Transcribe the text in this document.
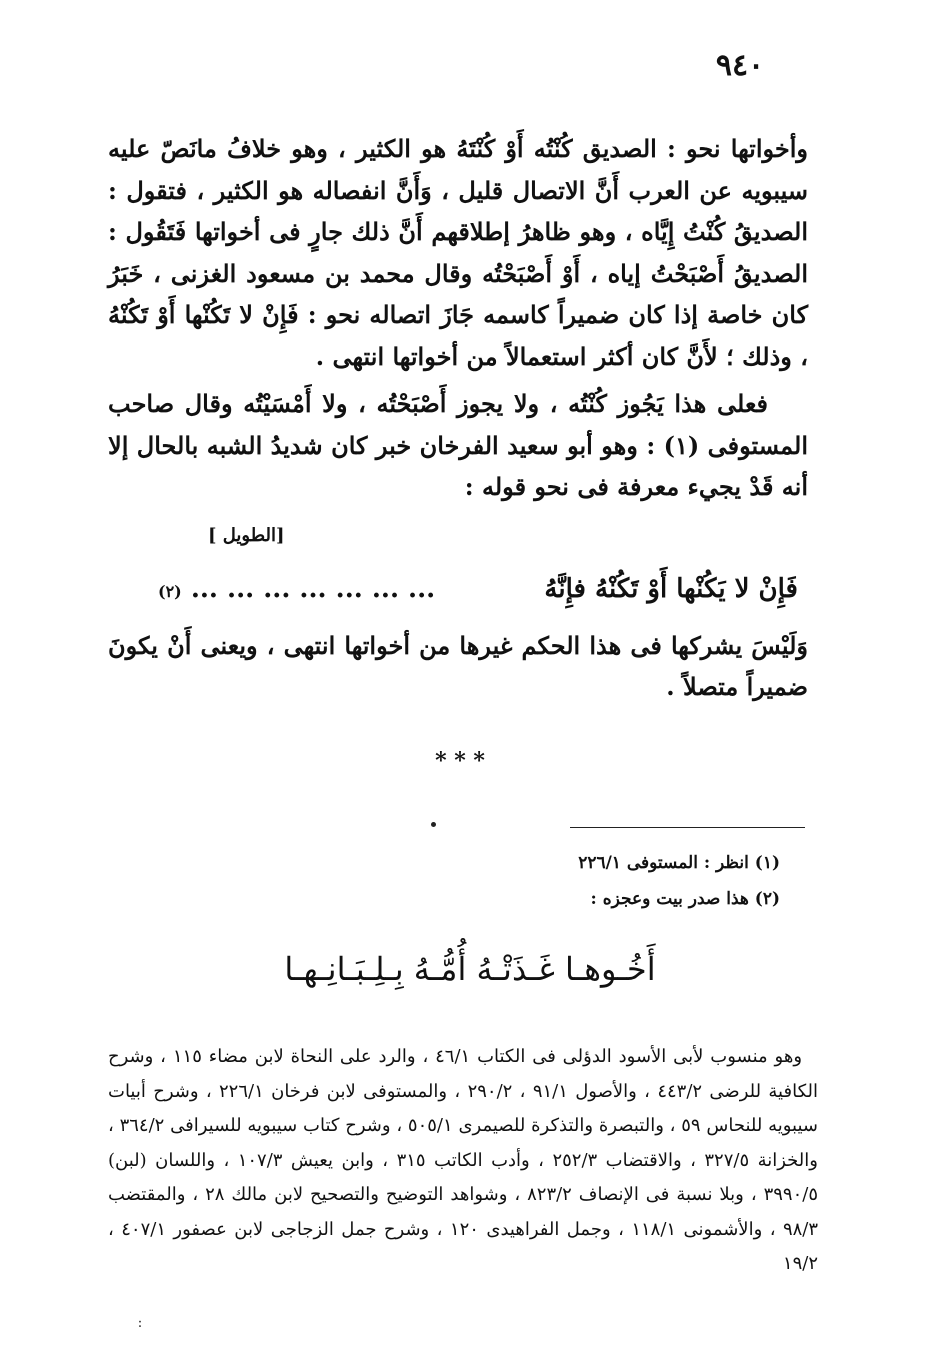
٩٤٠

وأخواتها نحو : الصديق كُنْتُه أَوْ كُنْتَهُ هو الكثير ، وهو خلافُ مانَصّ عليه سيبويه عن العرب أَنَّ الاتصال قليل ، وَأَنَّ انفصاله هو الكثير ، فتقول : الصديقُ كُنْتُ إِيَّاه ، وهو ظاهرُ إطلاقهم أَنَّ ذلك جارٍ فى أخواتها فَتَقُول : الصديقُ أَصْبَحْتُ إياه ، أَوْ أَصْبَحْتُه وقال محمد بن مسعود الغزنى ، خَبَرُ كان خاصة إذا كان ضميراً كاسمه جَازَ اتصاله نحو : فَإِنْ لا تَكُنْها أَوْ تَكُنْهُ ، وذلك ؛ لأَنَّ كان أكثر استعمالاً من أخواتها انتهى .

فعلى هذا يَجُوز كُنْتُه ، ولا يجوز أَصْبَحْتُه ، ولا أَمْسَيْتُه وقال صاحب المستوفى (١) : وهو أبو سعيد الفرخان خبر كان شديدُ الشبه بالحال إلا أنه قَدْ يجيء معرفة فى نحو قوله :

[الطويل ]
فَإِنْ لا يَكُنْها أَوْ تَكُنْهُ فإِنَّهُ
... ... ... ... ... ... ... (٢)

وَلَيْسَ يشركها فى هذا الحكم غيرها من أخواتها انتهى ، ويعنى أَنْ يكونَ ضميراً متصلاً .

* * *

(١) انظر : المستوفى ٢٢٦/١

(٢) هذا صدر بيت وعجزه :

أَخُـوهـا غَـذَتْـهُ أُمُّـهُ بِـلِـبَـانِـهـا

وهو منسوب لأبى الأسود الدؤلى فى الكتاب ٤٦/١ ، والرد على النحاة لابن مضاء ١١٥ ، وشرح الكافية للرضى ٤٤٣/٢ ، والأصول ٩١/١ ، ٢٩٠/٢ ، والمستوفى لابن فرخان ٢٢٦/١ ، وشرح أبيات سيبويه للنحاس ٥٩ ، والتبصرة والتذكرة للصيمرى ٥٠٥/١ ، وشرح كتاب سيبويه للسيرافى ٣٦٤/٢ ، والخزانة ٣٢٧/٥ ، والاقتضاب ٢٥٢/٣ ، وأدب الكاتب ٣١٥ ، وابن يعيش ١٠٧/٣ ، واللسان (لبن) ٣٩٩٠/٥ ، وبلا نسبة فى الإنصاف ٨٢٣/٢ ، وشواهد التوضيح والتصحيح لابن مالك ٢٨ ، والمقتضب ٩٨/٣ ، والأشمونى ١١٨/١ ، وجمل الفراهيدى ١٢٠ ، وشرح جمل الزجاجى لابن عصفور ٤٠٧/١ ، ١٩/٢

:
